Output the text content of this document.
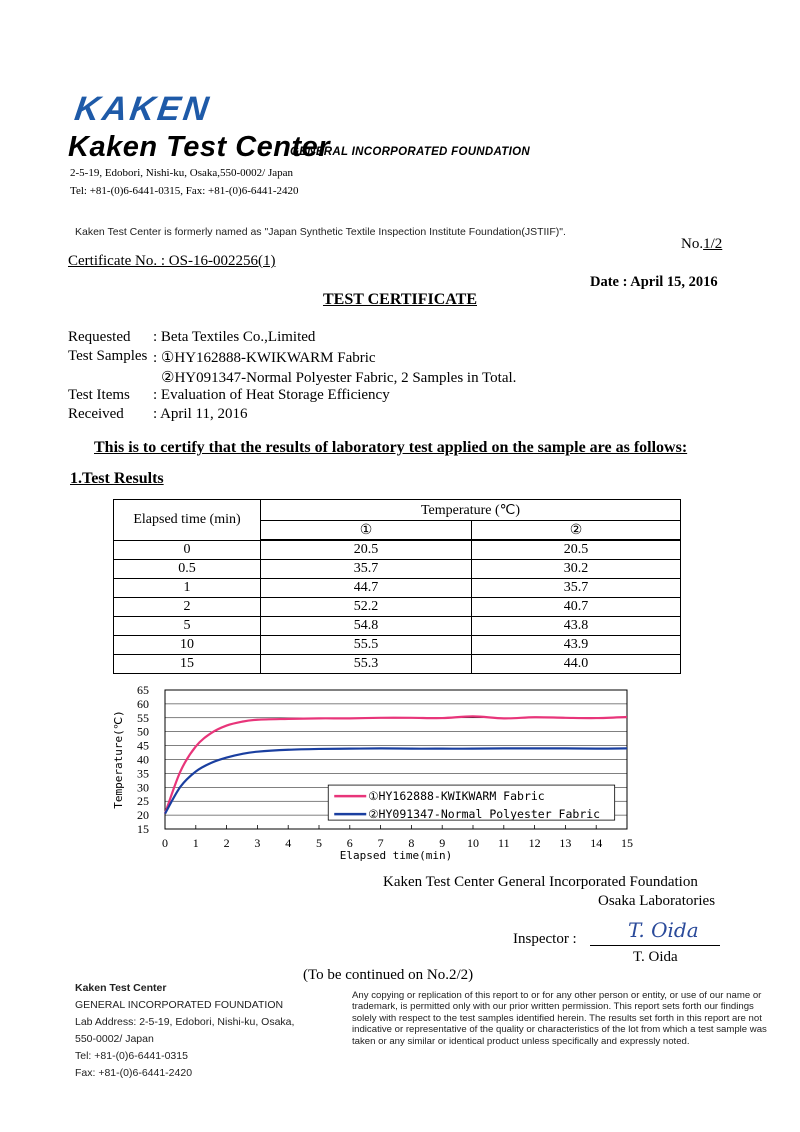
KAKEN
Kaken Test Center
GENERAL INCORPORATED FOUNDATION
2-5-19, Edobori, Nishi-ku, Osaka,550-0002/ Japan
Tel: +81-(0)6-6441-0315, Fax: +81-(0)6-6441-2420
Kaken Test Center is formerly named as "Japan Synthetic Textile Inspection Institute Foundation(JSTIIF)".
No.1/2
Certificate No. : OS-16-002256(1)
Date : April 15, 2016
TEST CERTIFICATE
Requested : Beta Textiles Co.,Limited
Test Samples : ①HY162888-KWIKWARM Fabric
②HY091347-Normal Polyester Fabric, 2 Samples in Total.
Test Items : Evaluation of Heat Storage Efficiency
Received : April 11, 2016
This is to certify that the results of laboratory test applied on the sample are as follows:
1.Test Results
Elapsed time (min)	Temperature (℃)	
	①	②
0	20.5	20.5
0.5	35.7	30.2
1	44.7	35.7
2	52.2	40.7
5	54.8	43.8
10	55.5	43.9
15	55.3	44.0
15
20
25
30
35
40
45
50
55
60
65
0 1 2 3 4 5 6 7 8 9 10 11 12 13 14 15
Elapsed time(min)
Temperature(℃)	①HY162888-KWIKWARM Fabric
②HY091347-Normal Polyester Fabric
Kaken Test Center General Incorporated Foundation
Osaka Laboratories
Inspector :	T. Oida
T. Oida
(To be continued on No.2/2)
Kaken Test Center
GENERAL INCORPORATED FOUNDATION
Lab Address: 2-5-19, Edobori, Nishi-ku, Osaka,
550-0002/ Japan
Tel: +81-(0)6-6441-0315
Fax: +81-(0)6-6441-2420
Any copying or replication of this report to or for any other person or entity, or use of our name or trademark, is permitted only with our prior written permission. This report sets forth our findings solely with respect to the test samples identified herein. The results set forth in this report are not indicative or representative of the quality or characteristics of the lot from which a test sample was taken or any similar or identical product unless specifically and expressly noted.
